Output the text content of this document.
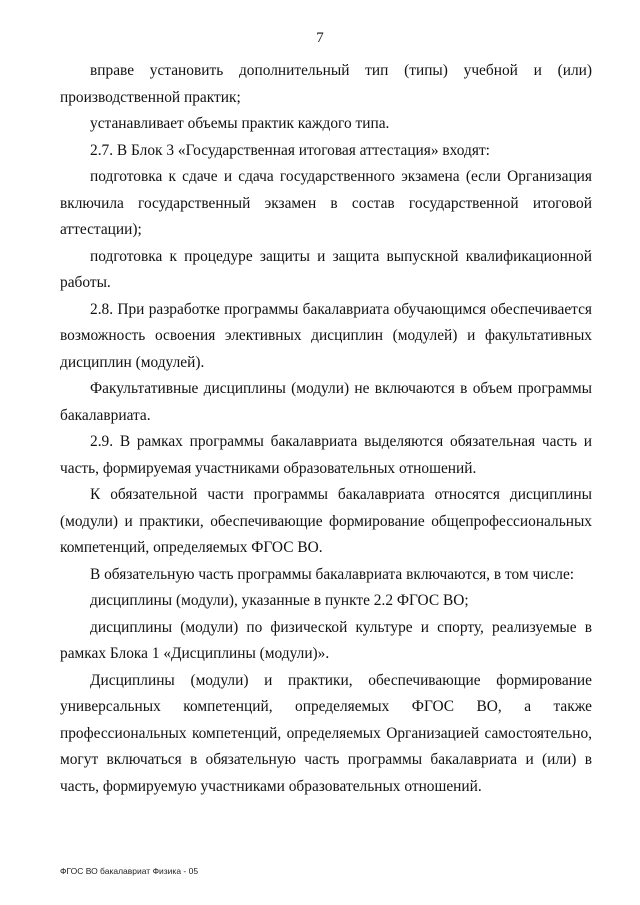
7

вправе установить дополнительный тип (типы) учебной и (или) производственной практик;

устанавливает объемы практик каждого типа.

2.7. В Блок 3 «Государственная итоговая аттестация» входят:

подготовка к сдаче и сдача государственного экзамена (если Организация включила государственный экзамен в состав государственной итоговой аттестации);

подготовка к процедуре защиты и защита выпускной квалификационной работы.

2.8. При разработке программы бакалавриата обучающимся обеспечивается возможность освоения элективных дисциплин (модулей) и факультативных дисциплин (модулей).

Факультативные дисциплины (модули) не включаются в объем программы бакалавриата.

2.9. В рамках программы бакалавриата выделяются обязательная часть и часть, формируемая участниками образовательных отношений.

К обязательной части программы бакалавриата относятся дисциплины (модули) и практики, обеспечивающие формирование общепрофессиональных компетенций, определяемых ФГОС ВО.

В обязательную часть программы бакалавриата включаются, в том числе:

дисциплины (модули), указанные в пункте 2.2 ФГОС ВО;

дисциплины (модули) по физической культуре и спорту, реализуемые в рамках Блока 1 «Дисциплины (модули)».

Дисциплины (модули) и практики, обеспечивающие формирование универсальных компетенций, определяемых ФГОС ВО, а также профессиональных компетенций, определяемых Организацией самостоятельно, могут включаться в обязательную часть программы бакалавриата и (или) в часть, формируемую участниками образовательных отношений.

ФГОС ВО бакалавриат Физика - 05
